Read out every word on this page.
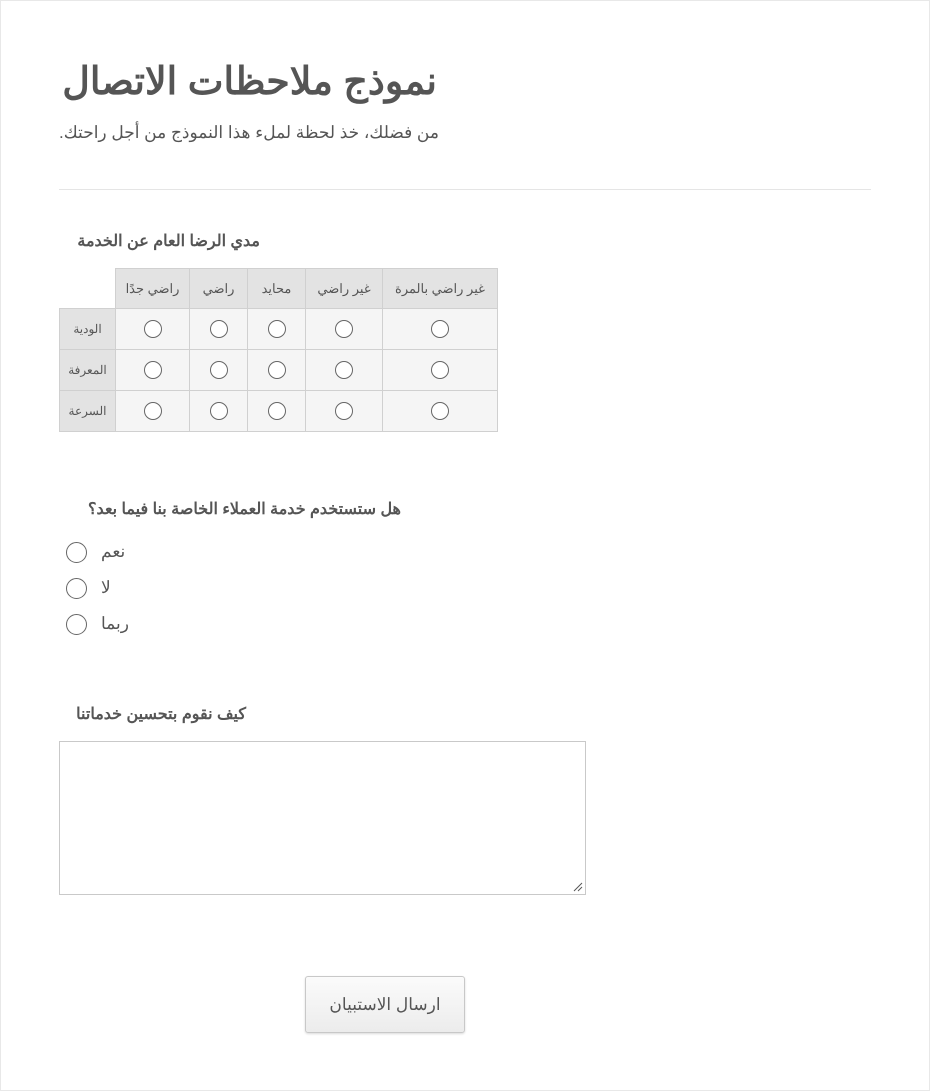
نموذج ملاحظات الاتصال
.من فضلك، خذ لحظة لملء هذا النموذج من أجل راحتك
مدي الرضا العام عن الخدمة
	راضي جدًا	راضي	محايد	غير راضي	غير راضي بالمرة
الودية					
المعرفة					
السرعة					
هل ستستخدم خدمة العملاء الخاصة بنا فيما بعد؟
نعم
لا
ربما
كيف نقوم بتحسين خدماتنا
ارسال الاستبيان
